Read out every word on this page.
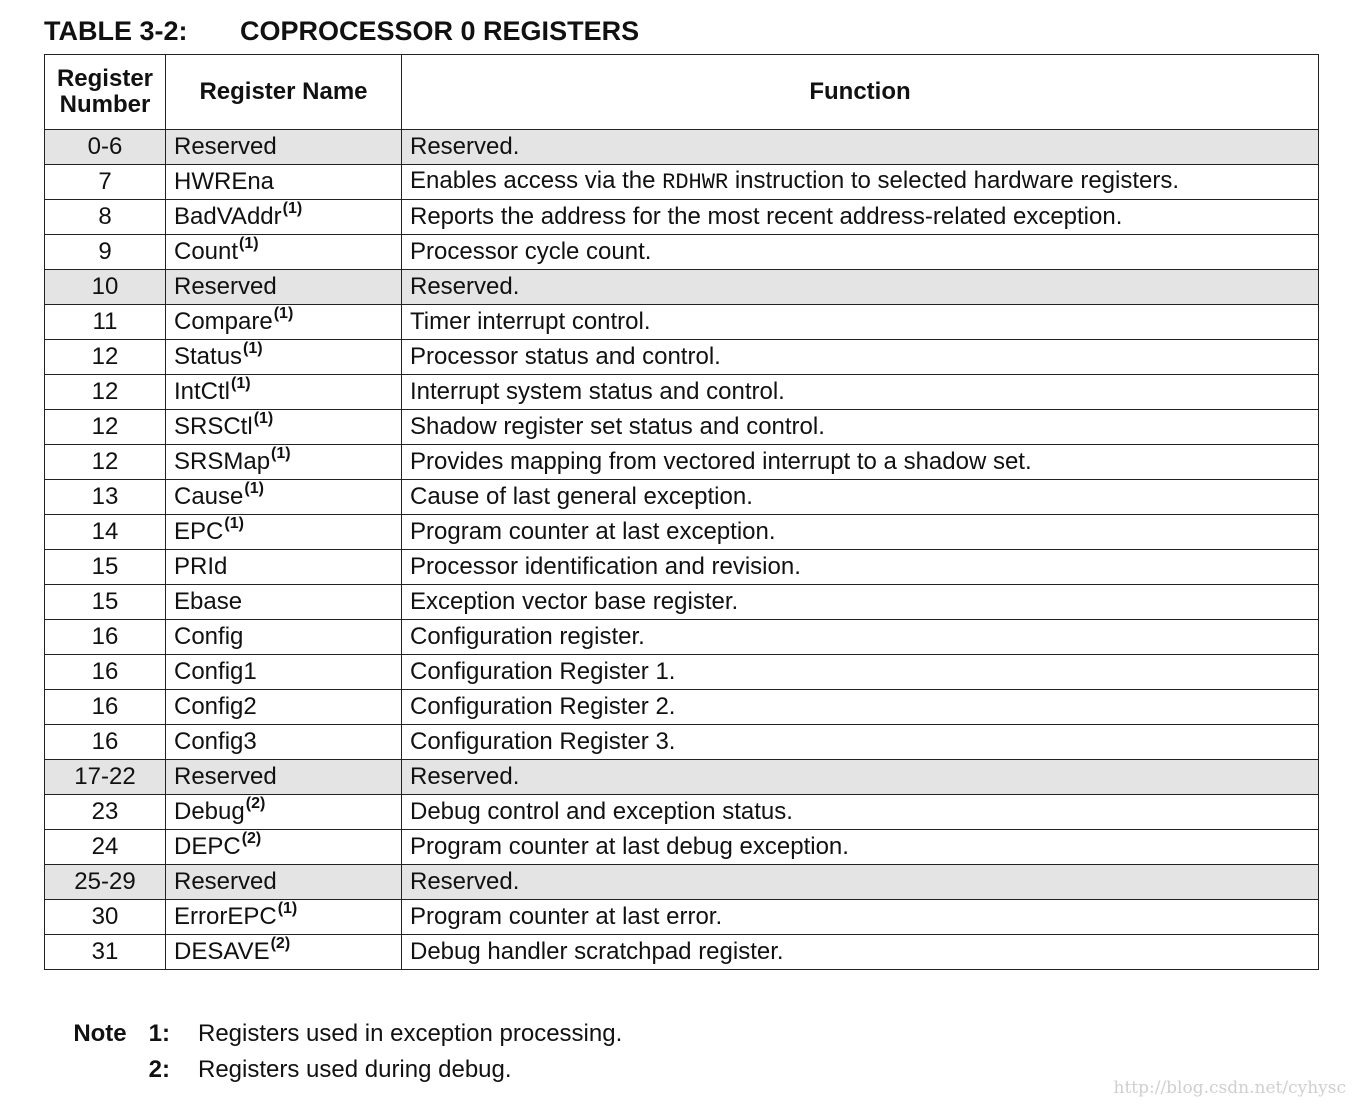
TABLE 3-2: COPROCESSOR 0 REGISTERS
Register Number	Register Name	Function
0-6	Reserved	Reserved.
7	HWREna	Enables access via the RDHWR instruction to selected hardware registers.
8	BadVAddr$^{(1)}$	Reports the address for the most recent address-related exception.
9	Count$^{(1)}$	Processor cycle count.
10	Reserved	Reserved.
11	Compare$^{(1)}$	Timer interrupt control.
12	Status$^{(1)}$	Processor status and control.
12	IntCtl$^{(1)}$	Interrupt system status and control.
12	SRSCtl$^{(1)}$	Shadow register set status and control.
12	SRSMap$^{(1)}$	Provides mapping from vectored interrupt to a shadow set.
13	Cause$^{(1)}$	Cause of last general exception.
14	EPC$^{(1)}$	Program counter at last exception.
15	PRId	Processor identification and revision.
15	Ebase	Exception vector base register.
16	Config	Configuration register.
16	Config1	Configuration Register 1.
16	Config2	Configuration Register 2.
16	Config3	Configuration Register 3.
17-22	Reserved	Reserved.
23	Debug$^{(2)}$	Debug control and exception status.
24	DEPC$^{(2)}$	Program counter at last debug exception.
25-29	Reserved	Reserved.
30	ErrorEPC$^{(1)}$	Program counter at last error.
31	DESAVE$^{(2)}$	Debug handler scratchpad register.
Note 1: Registers used in exception processing.
2: Registers used during debug.
http://blog.csdn.net/cyhysc
